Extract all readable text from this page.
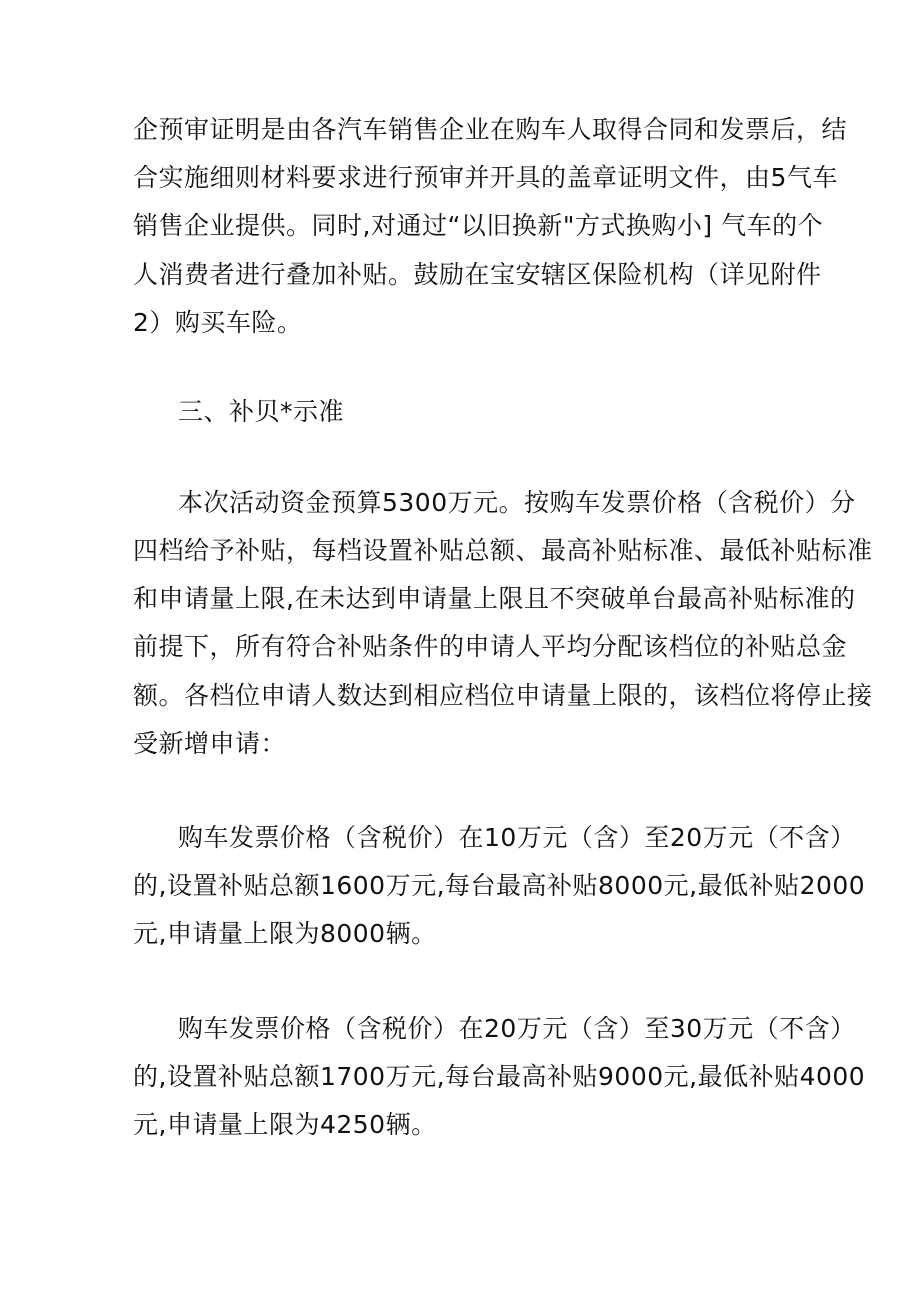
企预审证明是由各汽车销售企业在购车人取得合同和发票后，结
合实施细则材料要求进行预审并开具的盖章证明文件，由5气车
销售企业提供。同时,对通过“以旧换新"方式换购小] 气车的个
人消费者进行叠加补贴。鼓励在宝安辖区保险机构（详见附件
2）购买车险。
三、补贝*示准
本次活动资金预算5300万元。按购车发票价格（含税价）分
四档给予补贴，每档设置补贴总额、最高补贴标准、最低补贴标准
和申请量上限,在未达到申请量上限且不突破单台最高补贴标准的
前提下，所有符合补贴条件的申请人平均分配该档位的补贴总金
额。各档位申请人数达到相应档位申请量上限的，该档位将停止接
受新增申请：
购车发票价格（含税价）在10万元（含）至20万元（不含）
的,设置补贴总额1600万元,每台最高补贴8000元,最低补贴2000
元,申请量上限为8000辆。
购车发票价格（含税价）在20万元（含）至30万元（不含）
的,设置补贴总额1700万元,每台最高补贴9000元,最低补贴4000
元,申请量上限为4250辆。
